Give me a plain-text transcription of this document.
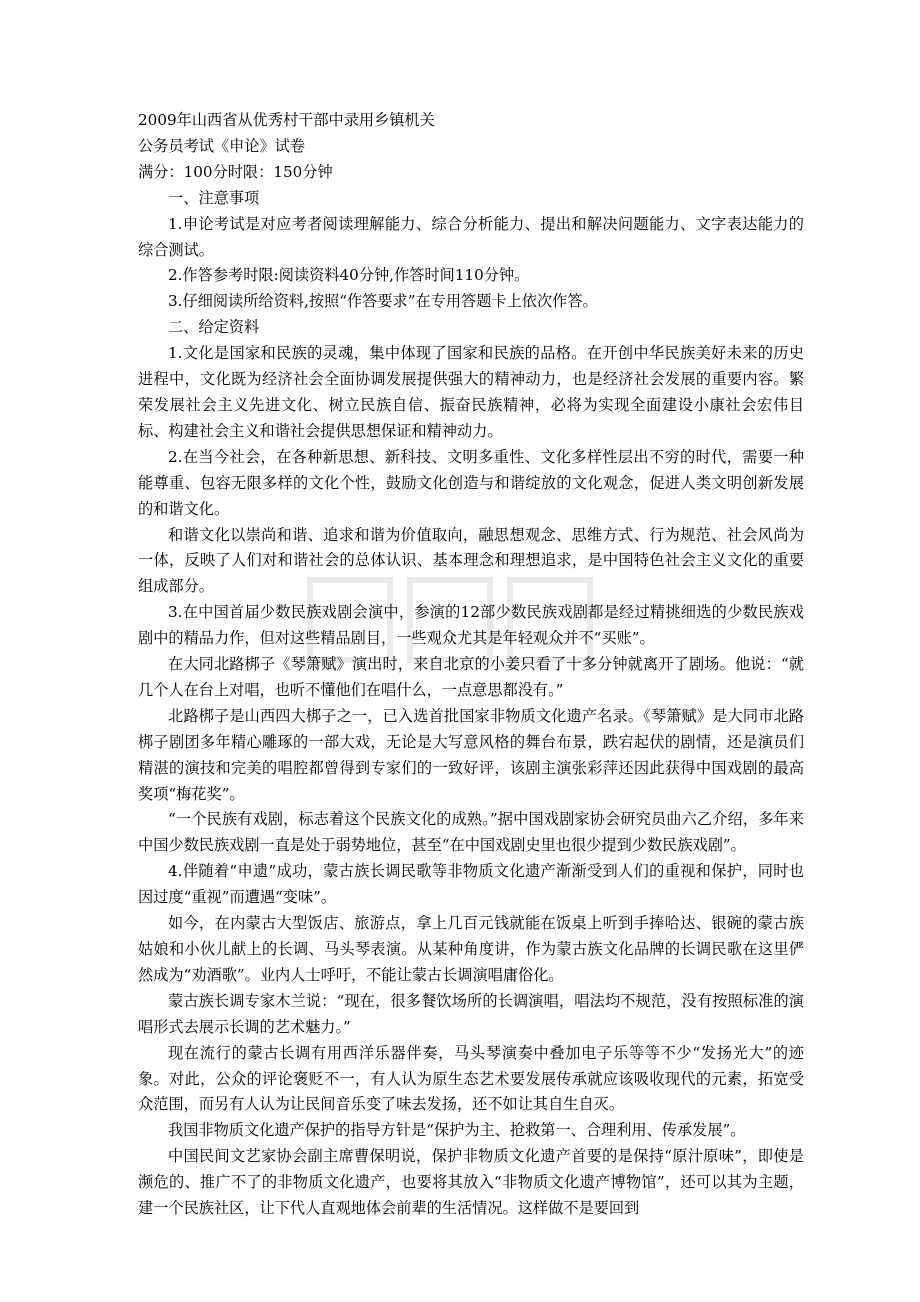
2009年山西省从优秀村干部中录用乡镇机关

公务员考试《申论》试卷

满分：100分时限：150分钟

一、注意事项

1.申论考试是对应考者阅读理解能力、综合分析能力、提出和解决问题能力、文字表达能力的综合测试。

2.作答参考时限:阅读资料40分钟,作答时间110分钟。

3.仔细阅读所给资料,按照“作答要求”在专用答题卡上依次作答。

二、给定资料

1.文化是国家和民族的灵魂，集中体现了国家和民族的品格。在开创中华民族美好未来的历史进程中，文化既为经济社会全面协调发展提供强大的精神动力，也是经济社会发展的重要内容。繁荣发展社会主义先进文化、树立民族自信、振奋民族精神，必将为实现全面建设小康社会宏伟目标、构建社会主义和谐社会提供思想保证和精神动力。

2.在当今社会，在各种新思想、新科技、文明多重性、文化多样性层出不穷的时代，需要一种能尊重、包容无限多样的文化个性，鼓励文化创造与和谐绽放的文化观念，促进人类文明创新发展的和谐文化。

和谐文化以崇尚和谐、追求和谐为价值取向，融思想观念、思维方式、行为规范、社会风尚为一体，反映了人们对和谐社会的总体认识、基本理念和理想追求，是中国特色社会主义文化的重要组成部分。

3.在中国首届少数民族戏剧会演中，参演的12部少数民族戏剧都是经过精挑细选的少数民族戏剧中的精品力作，但对这些精品剧目，一些观众尤其是年轻观众并不“买账”。

在大同北路梆子《琴箫赋》演出时，来自北京的小姜只看了十多分钟就离开了剧场。他说：“就几个人在台上对唱，也听不懂他们在唱什么，一点意思都没有。”

北路梆子是山西四大梆子之一，已入选首批国家非物质文化遗产名录。《琴箫赋》是大同市北路梆子剧团多年精心雕琢的一部大戏，无论是大写意风格的舞台布景，跌宕起伏的剧情，还是演员们精湛的演技和完美的唱腔都曾得到专家们的一致好评，该剧主演张彩萍还因此获得中国戏剧的最高奖项“梅花奖”。

“一个民族有戏剧，标志着这个民族文化的成熟。”据中国戏剧家协会研究员曲六乙介绍，多年来中国少数民族戏剧一直是处于弱势地位，甚至“在中国戏剧史里也很少提到少数民族戏剧”。

4.伴随着“申遗”成功，蒙古族长调民歌等非物质文化遗产渐渐受到人们的重视和保护，同时也因过度“重视”而遭遇“变味”。

如今，在内蒙古大型饭店、旅游点，拿上几百元钱就能在饭桌上听到手捧哈达、银碗的蒙古族姑娘和小伙儿献上的长调、马头琴表演。从某种角度讲，作为蒙古族文化品牌的长调民歌在这里俨然成为“劝酒歌”。业内人士呼吁，不能让蒙古长调演唱庸俗化。

蒙古族长调专家木兰说：“现在，很多餐饮场所的长调演唱，唱法均不规范，没有按照标准的演唱形式去展示长调的艺术魅力。”

现在流行的蒙古长调有用西洋乐器伴奏，马头琴演奏中叠加电子乐等等不少“发扬光大”的迹象。对此，公众的评论褒贬不一，有人认为原生态艺术要发展传承就应该吸收现代的元素，拓宽受众范围，而另有人认为让民间音乐变了味去发扬，还不如让其自生自灭。

我国非物质文化遗产保护的指导方针是“保护为主、抢救第一、合理利用、传承发展”。

中国民间文艺家协会副主席曹保明说，保护非物质文化遗产首要的是保持“原汁原味”，即使是濒危的、推广不了的非物质文化遗产，也要将其放入“非物质文化遗产博物馆”，还可以其为主题，建一个民族社区，让下代人直观地体会前辈的生活情况。这样做不是要回到
